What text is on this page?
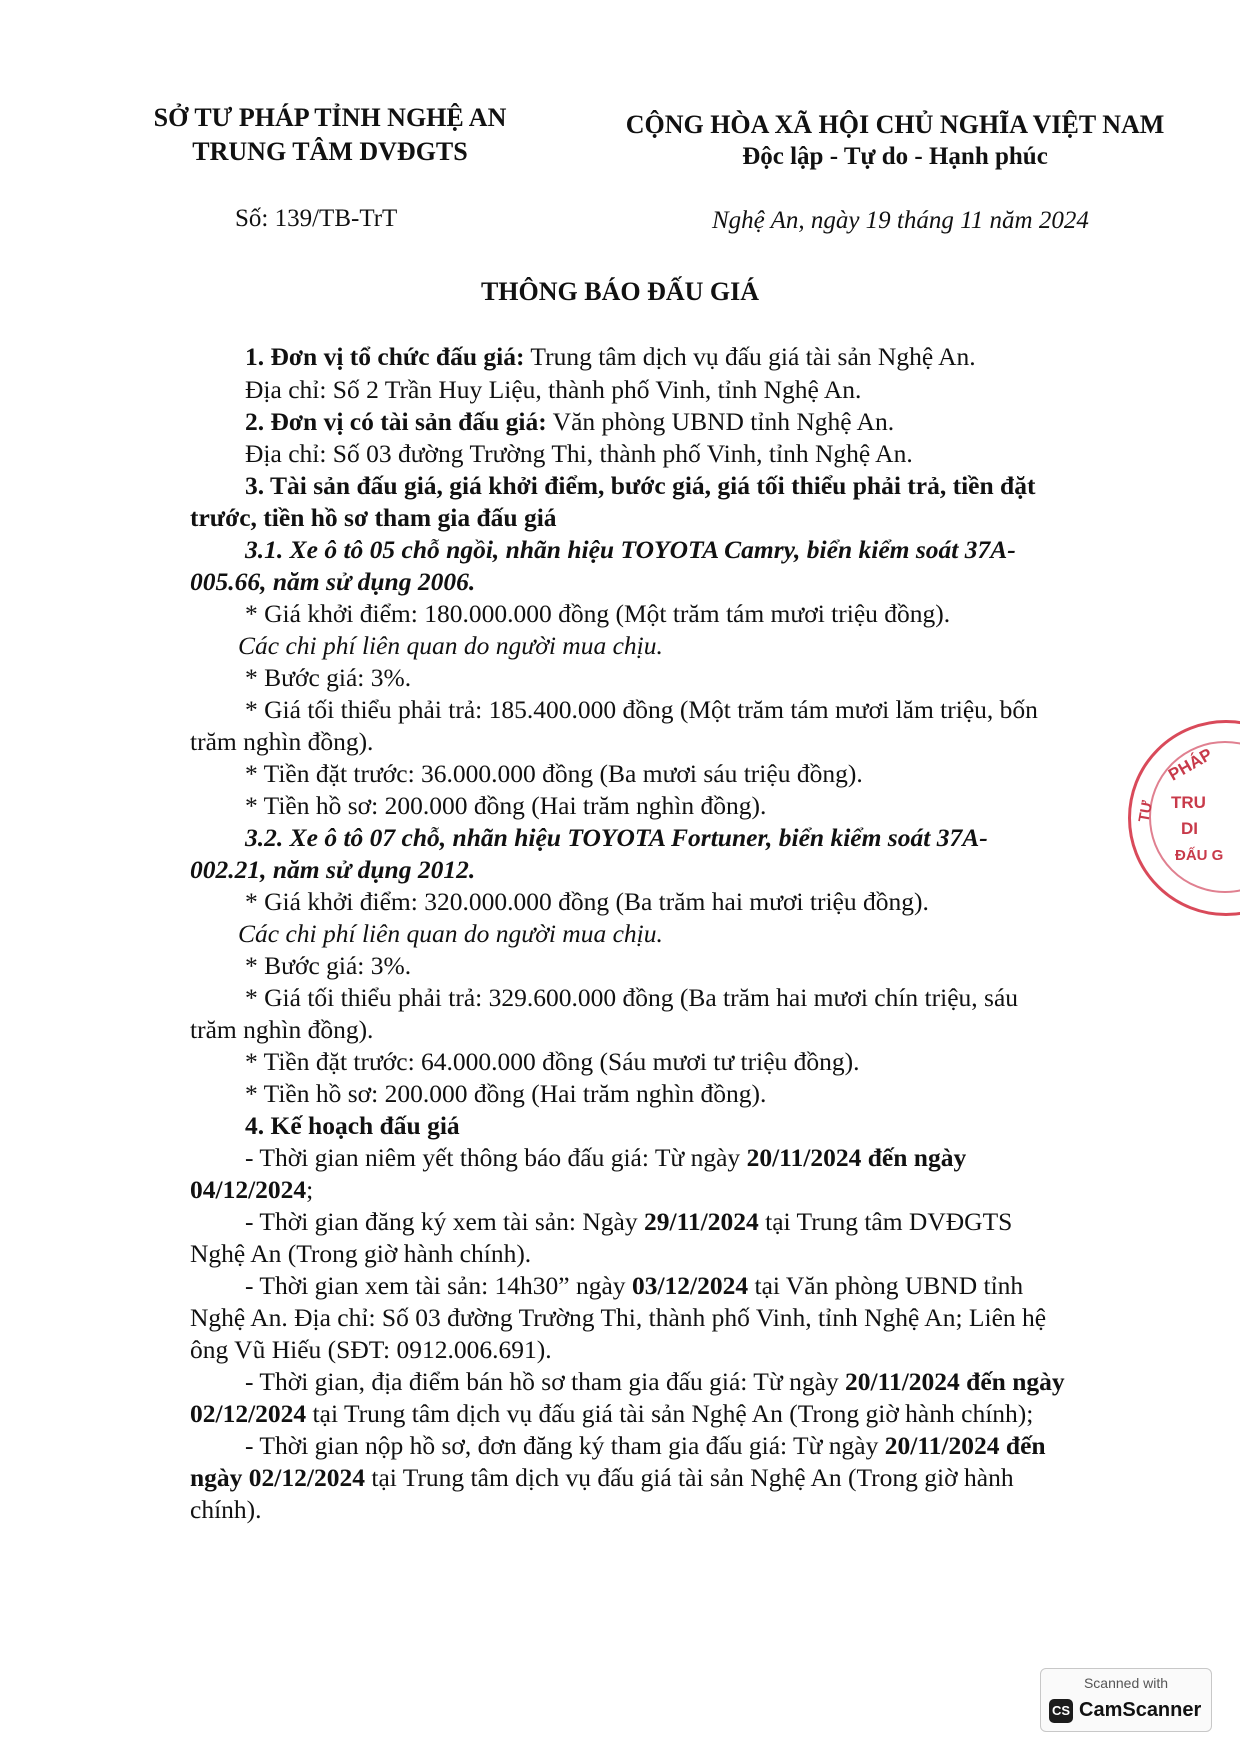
SỞ TƯ PHÁP TỈNH NGHỆ AN
TRUNG TÂM DVĐGTS
CỘNG HÒA XÃ HỘI CHỦ NGHĨA VIỆT NAM
Độc lập - Tự do - Hạnh phúc
Số: 139/TB-TrT	Nghệ An, ngày 19 tháng 11 năm 2024
THÔNG BÁO ĐẤU GIÁ
1. Đơn vị tổ chức đấu giá: Trung tâm dịch vụ đấu giá tài sản Nghệ An.
Địa chỉ: Số 2 Trần Huy Liệu, thành phố Vinh, tỉnh Nghệ An.
2. Đơn vị có tài sản đấu giá: Văn phòng UBND tỉnh Nghệ An.
Địa chỉ: Số 03 đường Trường Thi, thành phố Vinh, tỉnh Nghệ An.
3. Tài sản đấu giá, giá khởi điểm, bước giá, giá tối thiểu phải trả, tiền đặt
trước, tiền hồ sơ tham gia đấu giá
3.1. Xe ô tô 05 chỗ ngồi, nhãn hiệu TOYOTA Camry, biển kiểm soát 37A-
005.66, năm sử dụng 2006.
* Giá khởi điểm: 180.000.000 đồng (Một trăm tám mươi triệu đồng).
Các chi phí liên quan do người mua chịu.
* Bước giá: 3%.
* Giá tối thiểu phải trả: 185.400.000 đồng (Một trăm tám mươi lăm triệu, bốn
trăm nghìn đồng).
* Tiền đặt trước: 36.000.000 đồng (Ba mươi sáu triệu đồng).
* Tiền hồ sơ: 200.000 đồng (Hai trăm nghìn đồng).
3.2. Xe ô tô 07 chỗ, nhãn hiệu TOYOTA Fortuner, biển kiểm soát 37A-
002.21, năm sử dụng 2012.
* Giá khởi điểm: 320.000.000 đồng (Ba trăm hai mươi triệu đồng).
Các chi phí liên quan do người mua chịu.
* Bước giá: 3%.
* Giá tối thiểu phải trả: 329.600.000 đồng (Ba trăm hai mươi chín triệu, sáu
trăm nghìn đồng).
* Tiền đặt trước: 64.000.000 đồng (Sáu mươi tư triệu đồng).
* Tiền hồ sơ: 200.000 đồng (Hai trăm nghìn đồng).
4. Kế hoạch đấu giá
- Thời gian niêm yết thông báo đấu giá: Từ ngày 20/11/2024 đến ngày
04/12/2024;
- Thời gian đăng ký xem tài sản: Ngày 29/11/2024 tại Trung tâm DVĐGTS
Nghệ An (Trong giờ hành chính).
- Thời gian xem tài sản: 14h30” ngày 03/12/2024 tại Văn phòng UBND tỉnh
Nghệ An. Địa chỉ: Số 03 đường Trường Thi, thành phố Vinh, tỉnh Nghệ An; Liên hệ
ông Vũ Hiếu (SĐT: 0912.006.691).
- Thời gian, địa điểm bán hồ sơ tham gia đấu giá: Từ ngày 20/11/2024 đến ngày
02/12/2024 tại Trung tâm dịch vụ đấu giá tài sản Nghệ An (Trong giờ hành chính);
- Thời gian nộp hồ sơ, đơn đăng ký tham gia đấu giá: Từ ngày 20/11/2024 đến
ngày 02/12/2024 tại Trung tâm dịch vụ đấu giá tài sản Nghệ An (Trong giờ hành
chính).
PHÁP
TRU
DI
ĐẤU G
TƯ
Scanned with
CS CamScanner
